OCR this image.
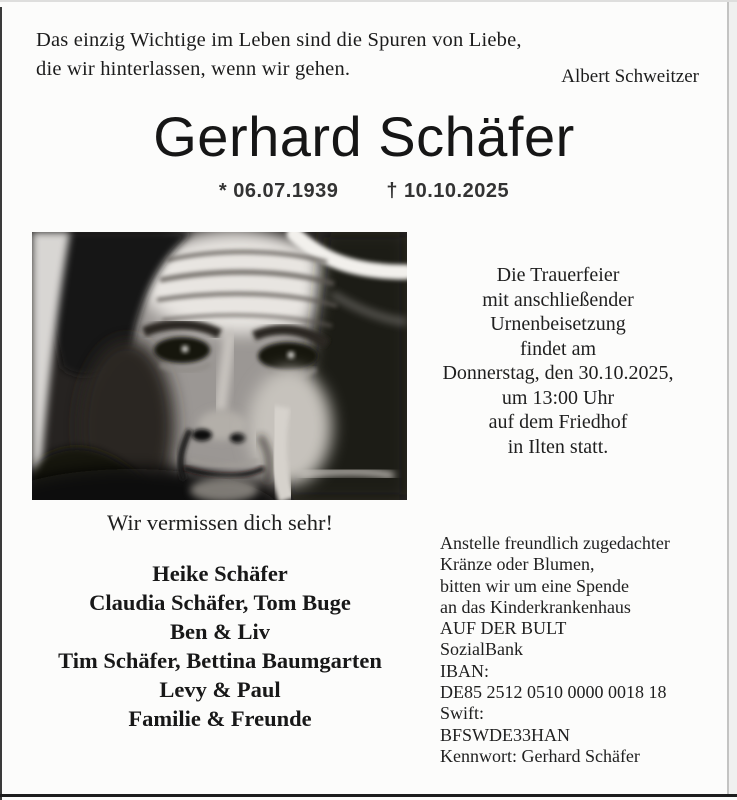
Das einzig Wichtige im Leben sind die Spuren von Liebe,
die wir hinterlassen, wenn wir gehen.	Albert Schweitzer
Gerhard Schäfer
* 06.07.1939 † 10.10.2025
Die Trauerfeier
mit anschließender
Urnenbeisetzung
findet am
Donnerstag, den 30.10.2025,
um 13:00 Uhr
auf dem Friedhof
in Ilten statt.
Wir vermissen dich sehr!
Heike Schäfer
Claudia Schäfer, Tom Buge
Ben & Liv
Tim Schäfer, Bettina Baumgarten
Levy & Paul
Familie & Freunde
Anstelle freundlich zugedachter
Kränze oder Blumen,
bitten wir um eine Spende
an das Kinderkrankenhaus
AUF DER BULT
SozialBank
IBAN:
DE85 2512 0510 0000 0018 18
Swift:
BFSWDE33HAN
Kennwort: Gerhard Schäfer
